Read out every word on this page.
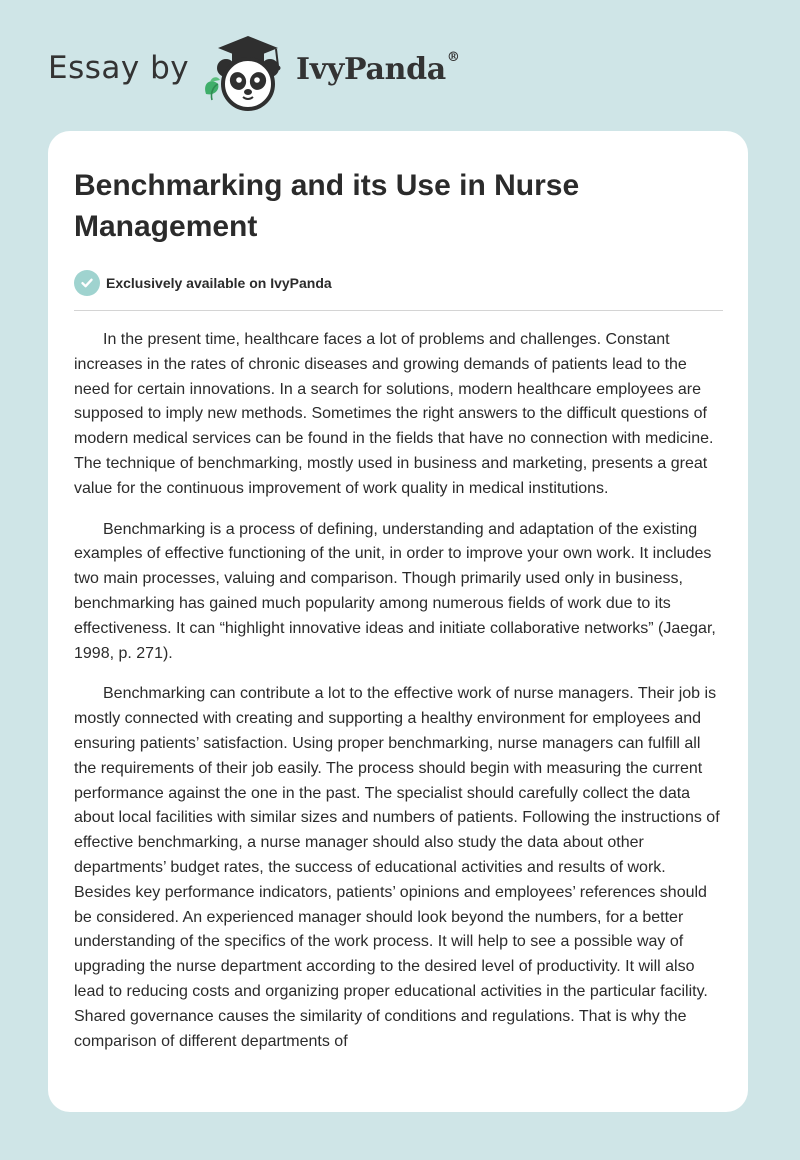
Essay by	IvyPanda®
Benchmarking and its Use in Nurse Management
Exclusively available on IvyPanda

In the present time, healthcare faces a lot of problems and challenges. Constant increases in the rates of chronic diseases and growing demands of patients lead to the need for certain innovations. In a search for solutions, modern healthcare employees are supposed to imply new methods. Sometimes the right answers to the difficult questions of modern medical services can be found in the fields that have no connection with medicine. The technique of benchmarking, mostly used in business and marketing, presents a great value for the continuous improvement of work quality in medical institutions.

Benchmarking is a process of defining, understanding and adaptation of the existing examples of effective functioning of the unit, in order to improve your own work. It includes two main processes, valuing and comparison. Though primarily used only in business, benchmarking has gained much popularity among numerous fields of work due to its effectiveness. It can “highlight innovative ideas and initiate collaborative networks” (Jaegar, 1998, p. 271).

Benchmarking can contribute a lot to the effective work of nurse managers. Their job is mostly connected with creating and supporting a healthy environment for employees and ensuring patients’ satisfaction. Using proper benchmarking, nurse managers can fulfill all the requirements of their job easily. The process should begin with measuring the current performance against the one in the past. The specialist should carefully collect the data about local facilities with similar sizes and numbers of patients. Following the instructions of effective benchmarking, a nurse manager should also study the data about other departments’ budget rates, the success of educational activities and results of work. Besides key performance indicators, patients’ opinions and employees’ references should be considered. An experienced manager should look beyond the numbers, for a better understanding of the specifics of the work process. It will help to see a possible way of upgrading the nurse department according to the desired level of productivity. It will also lead to reducing costs and organizing proper educational activities in the particular facility. Shared governance causes the similarity of conditions and regulations. That is why the comparison of different departments of
